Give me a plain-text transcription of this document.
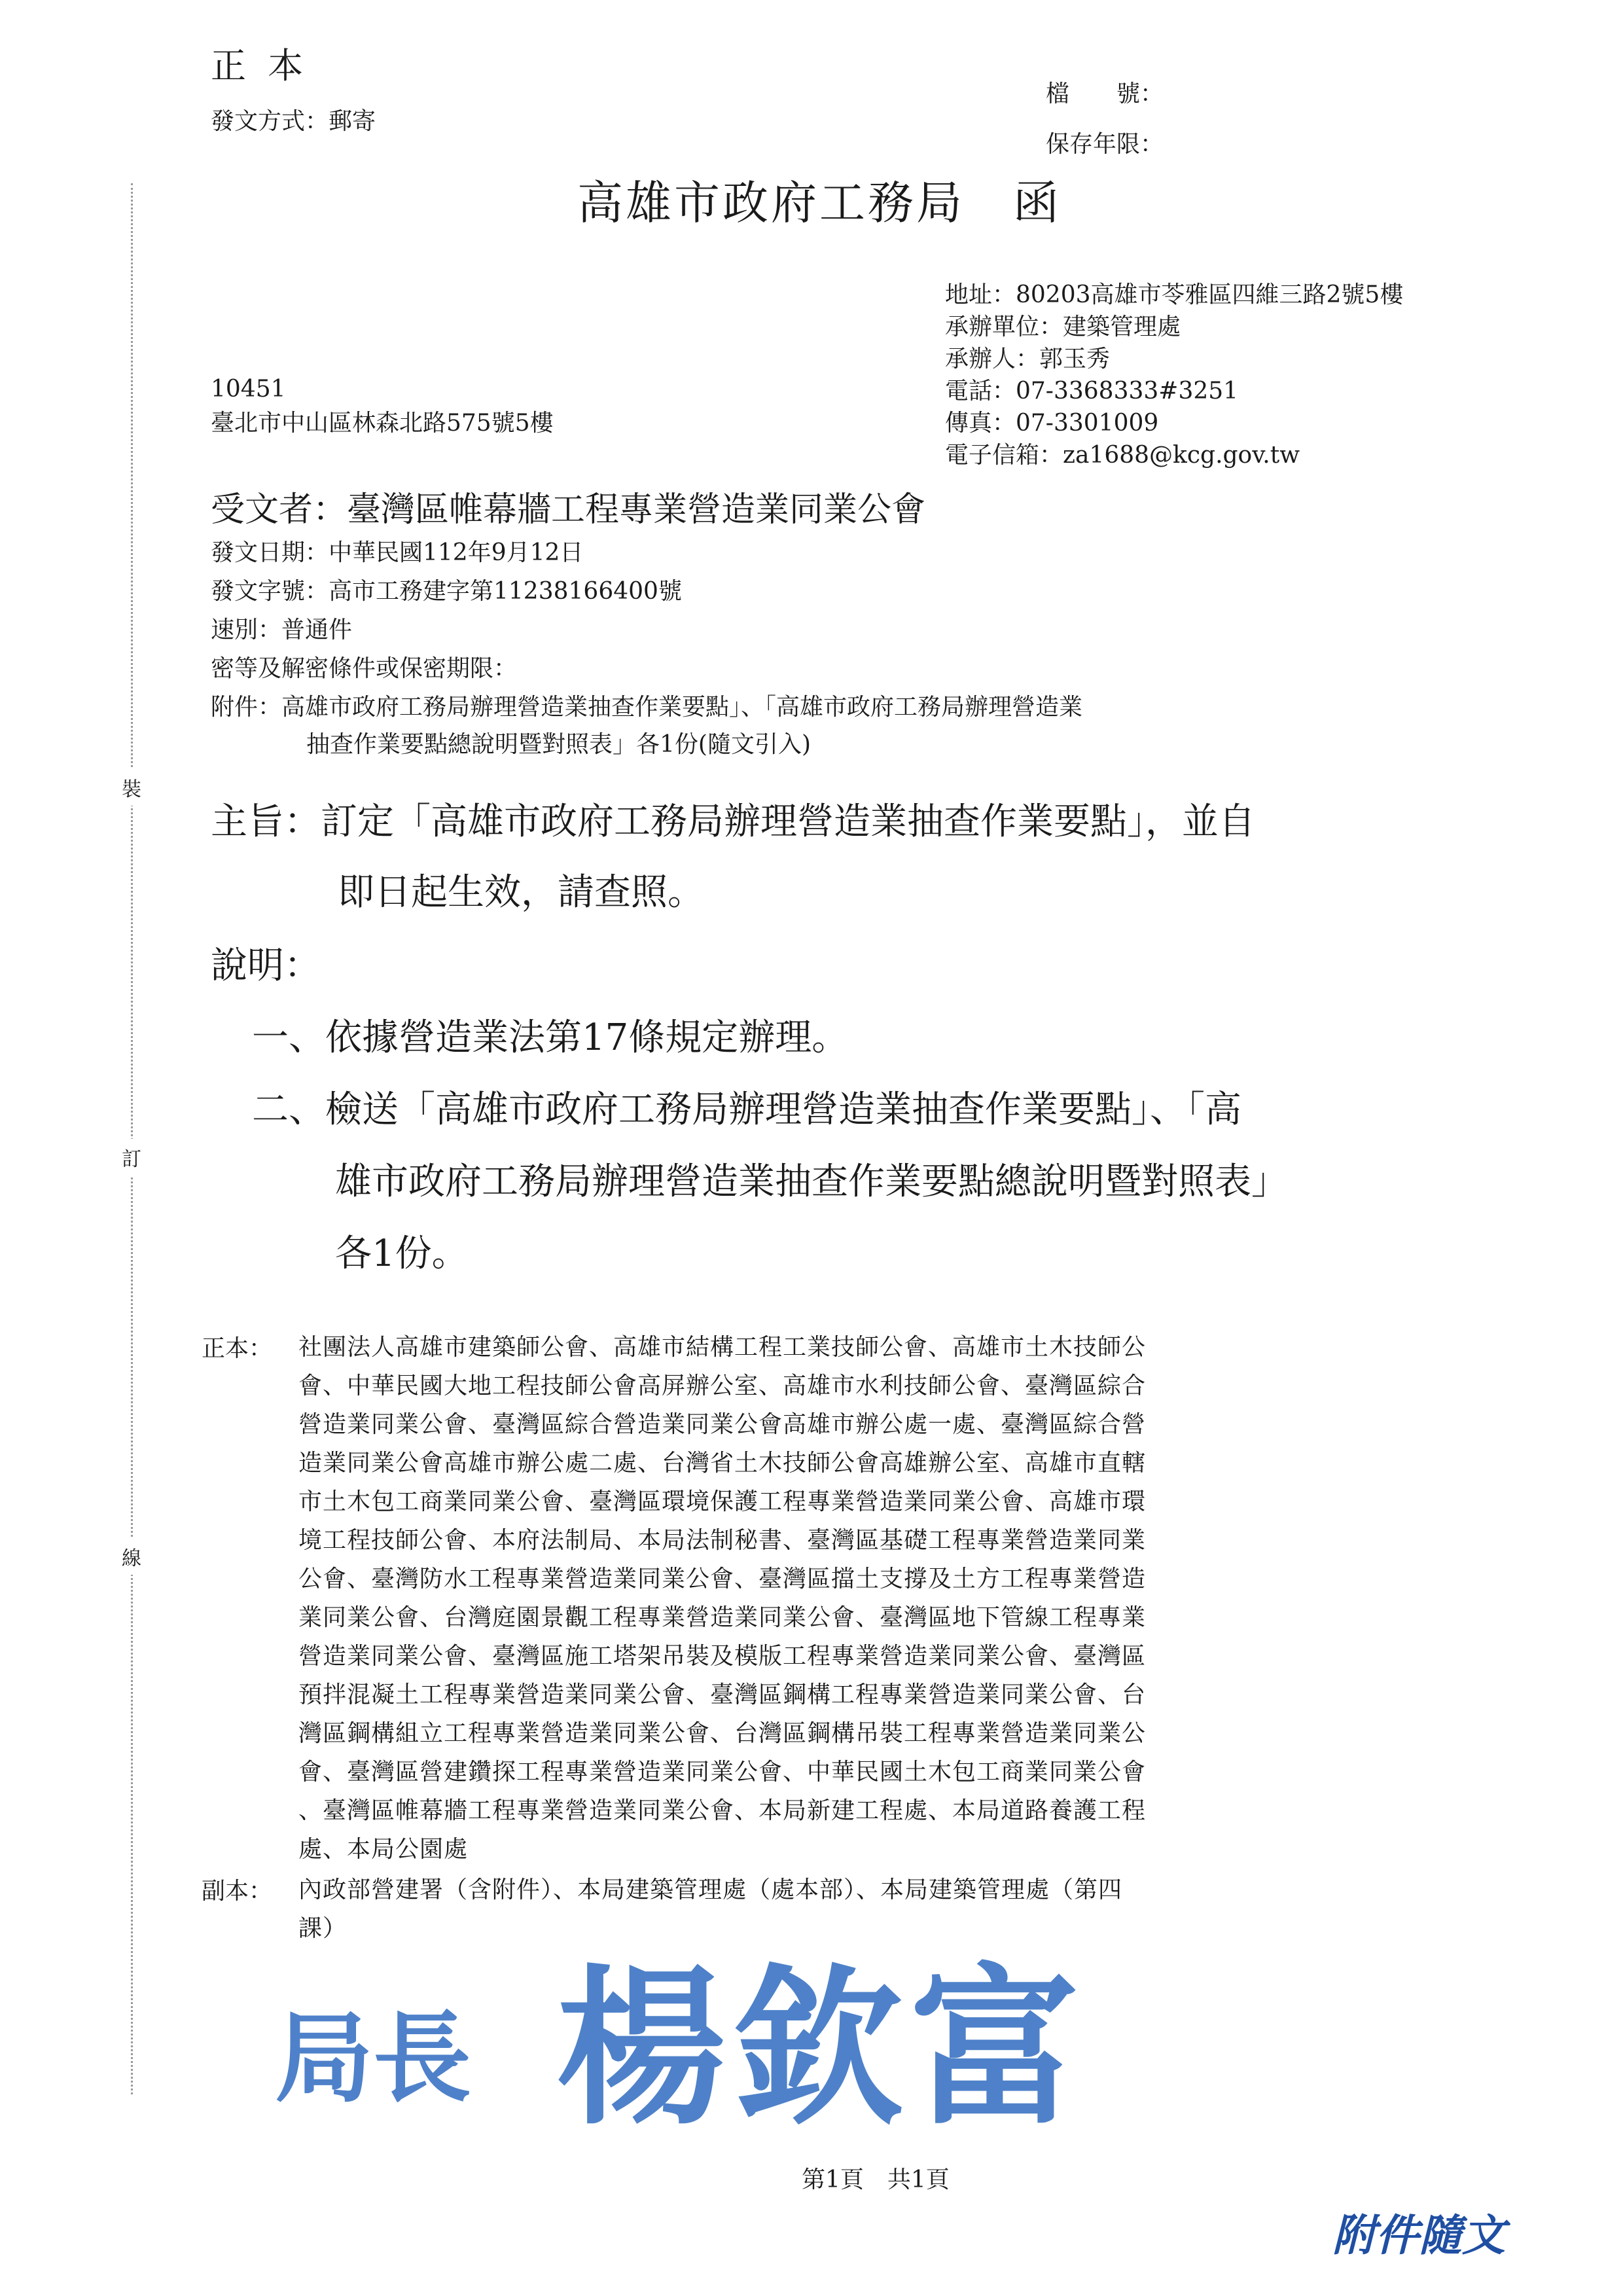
裝
訂
線
正 本
發文方式：郵寄
檔　　號：
保存年限：
高雄市政府工務局　函
地址：80203高雄市苓雅區四維三路2號5樓
承辦單位：建築管理處
承辦人：郭玉秀
電話：07-3368333#3251
傳真：07-3301009
電子信箱：za1688@kcg.gov.tw
10451
臺北市中山區林森北路575號5樓
受文者：臺灣區帷幕牆工程專業營造業同業公會
發文日期：中華民國112年9月12日
發文字號：高市工務建字第11238166400號
速別：普通件
密等及解密條件或保密期限：
附件：高雄市政府工務局辦理營造業抽查作業要點」、「高雄市政府工務局辦理營造業
抽查作業要點總說明暨對照表」各1份(隨文引入)
主旨：訂定「高雄市政府工務局辦理營造業抽查作業要點」，並自
即日起生效，請查照。
說明：
一、依據營造業法第17條規定辦理。
二、檢送「高雄市政府工務局辦理營造業抽查作業要點」、「高
雄市政府工務局辦理營造業抽查作業要點總說明暨對照表」
各1份。
正本： 社團法人高雄市建築師公會、高雄市結構工程工業技師公會、高雄市土木技師公
會、中華民國大地工程技師公會高屏辦公室、高雄市水利技師公會、臺灣區綜合
營造業同業公會、臺灣區綜合營造業同業公會高雄市辦公處一處、臺灣區綜合營
造業同業公會高雄市辦公處二處、台灣省土木技師公會高雄辦公室、高雄市直轄
市土木包工商業同業公會、臺灣區環境保護工程專業營造業同業公會、高雄市環
境工程技師公會、本府法制局、本局法制秘書、臺灣區基礎工程專業營造業同業
公會、臺灣防水工程專業營造業同業公會、臺灣區擋土支撐及土方工程專業營造
業同業公會、台灣庭園景觀工程專業營造業同業公會、臺灣區地下管線工程專業
營造業同業公會、臺灣區施工塔架吊裝及模版工程專業營造業同業公會、臺灣區
預拌混凝土工程專業營造業同業公會、臺灣區鋼構工程專業營造業同業公會、台
灣區鋼構組立工程專業營造業同業公會、台灣區鋼構吊裝工程專業營造業同業公
會、臺灣區營建鑽探工程專業營造業同業公會、中華民國土木包工商業同業公會
、臺灣區帷幕牆工程專業營造業同業公會、本局新建工程處、本局道路養護工程
處、本局公園處
副本： 內政部營建署（含附件）、本局建築管理處（處本部）、本局建築管理處（第四
課）
局長 楊欽富
第1頁　共1頁
附件隨文
